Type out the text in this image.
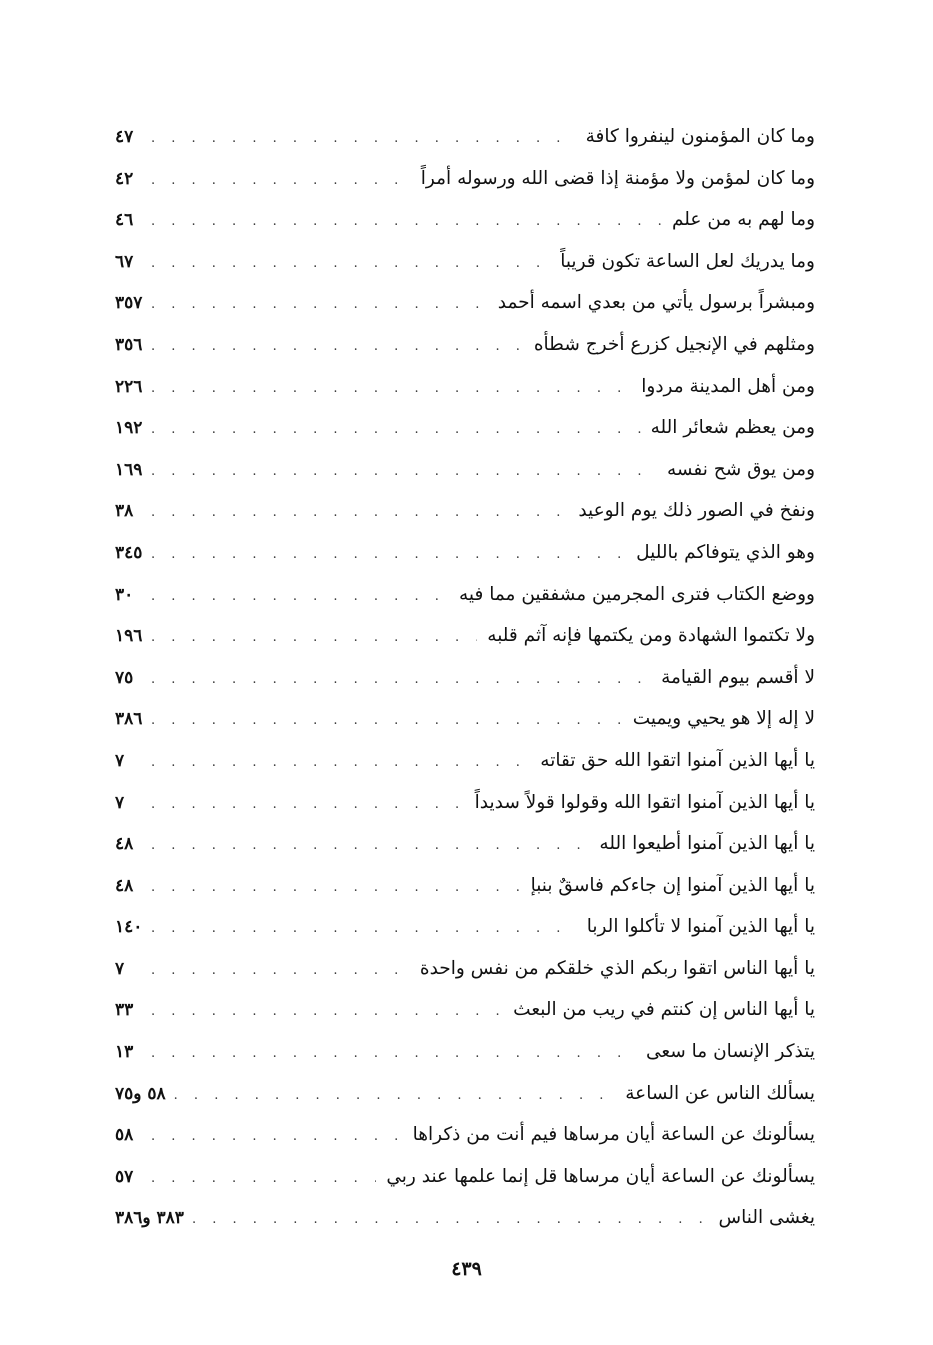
وما كان المؤمنون لينفروا كافة
. . .
٤٧
وما كان لمؤمن ولا مؤمنة إذا قضى الله ورسوله أمراً
. . .
٤٢
وما لهم به من علم
. . .
٤٦
وما يدريك لعل الساعة تكون قريباً
. . .
٦٧
ومبشراً برسول يأتي من بعدي اسمه أحمد
. . .
٣٥٧
ومثلهم في الإنجيل كزرع أخرج شطأه
. . .
٣٥٦
ومن أهل المدينة مردوا
. . .
٢٢٦
ومن يعظم شعائر الله
. . .
١٩٢
ومن يوق شح نفسه
. . .
١٦٩
ونفخ في الصور ذلك يوم الوعيد
. . .
٣٨
وهو الذي يتوفاكم بالليل
. . .
٣٤٥
ووضع الكتاب فترى المجرمين مشفقين مما فيه
. . .
٣٠
ولا تكتموا الشهادة ومن يكتمها فإنه آثم قلبه
. . .
١٩٦
لا أقسم بيوم القيامة
. . .
٧٥
لا إله إلا هو يحيي ويميت
. . .
٣٨٦
يا أيها الذين آمنوا اتقوا الله حق تقاته
. . .
٧
يا أيها الذين آمنوا اتقوا الله وقولوا قولاً سديداً
. . .
٧
يا أيها الذين آمنوا أطيعوا الله
. . .
٤٨
يا أيها الذين آمنوا إن جاءكم فاسقٌ بنبإ
. . .
٤٨
يا أيها الذين آمنوا لا تأكلوا الربا
. . .
١٤٠
يا أيها الناس اتقوا ربكم الذي خلقكم من نفس واحدة
. . .
٧
يا أيها الناس إن كنتم في ريب من البعث
. . .
٣٣
يتذكر الإنسان ما سعى
. . .
١٣
يسألك الناس عن الساعة
. . .
٥٨ و٧٥
يسألونك عن الساعة أيان مرساها فيم أنت من ذكراها
. . .
٥٨
يسألونك عن الساعة أيان مرساها قل إنما علمها عند ربي
. . .
٥٧
يغشى الناس
. . .
٣٨٣ و٣٨٦
٤٣٩
